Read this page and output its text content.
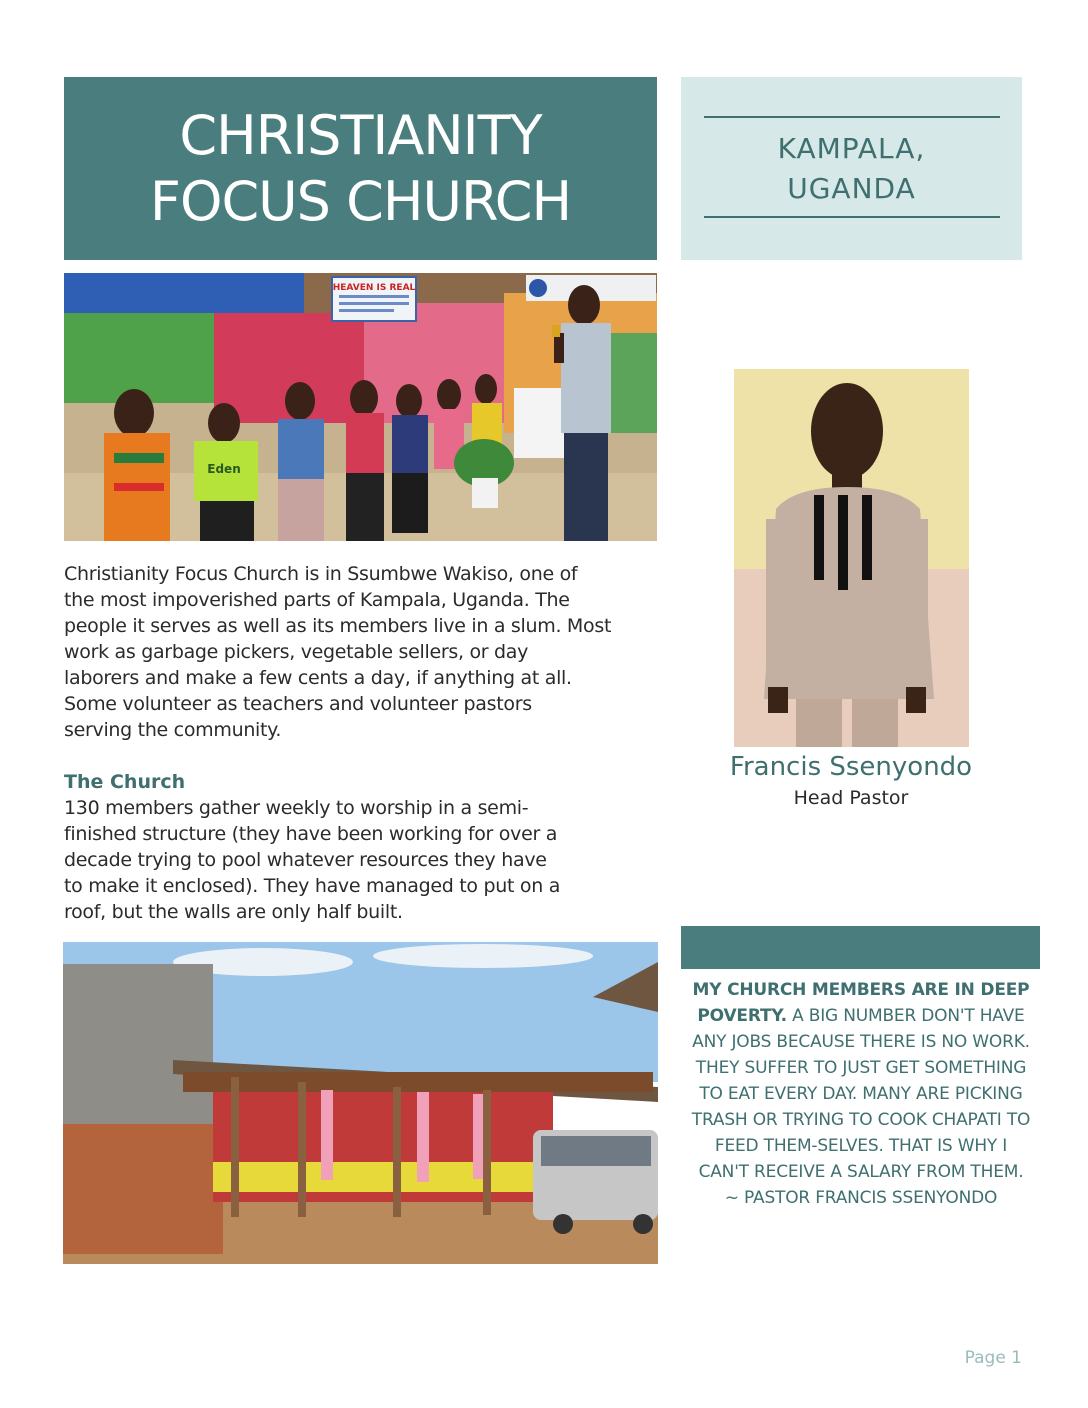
CHRISTIANITY
FOCUS CHURCH
KAMPALA,
UGANDA
HEAVEN IS REAL
Eden
Christianity Focus Church is in Ssumbwe Wakiso, one of
the most impoverished parts of Kampala, Uganda. The
people it serves as well as its members live in a slum. Most
work as garbage pickers, vegetable sellers, or day
laborers and make a few cents a day, if anything at all.
Some volunteer as teachers and volunteer pastors
serving the community.
The Church
130 members gather weekly to worship in a semi-
finished structure (they have been working for over a
decade trying to pool whatever resources they have
to make it enclosed). They have managed to put on a
roof, but the walls are only half built.
Francis Ssenyondo
Head Pastor
MY CHURCH MEMBERS ARE IN DEEP POVERTY. A BIG NUMBER DON'T HAVE ANY JOBS BECAUSE THERE IS NO WORK. THEY SUFFER TO JUST GET SOMETHING TO EAT EVERY DAY. MANY ARE PICKING TRASH OR TRYING TO COOK CHAPATI TO FEED THEM-SELVES. THAT IS WHY I CAN'T RECEIVE A SALARY FROM THEM.
~ PASTOR FRANCIS SSENYONDO
Page 1
